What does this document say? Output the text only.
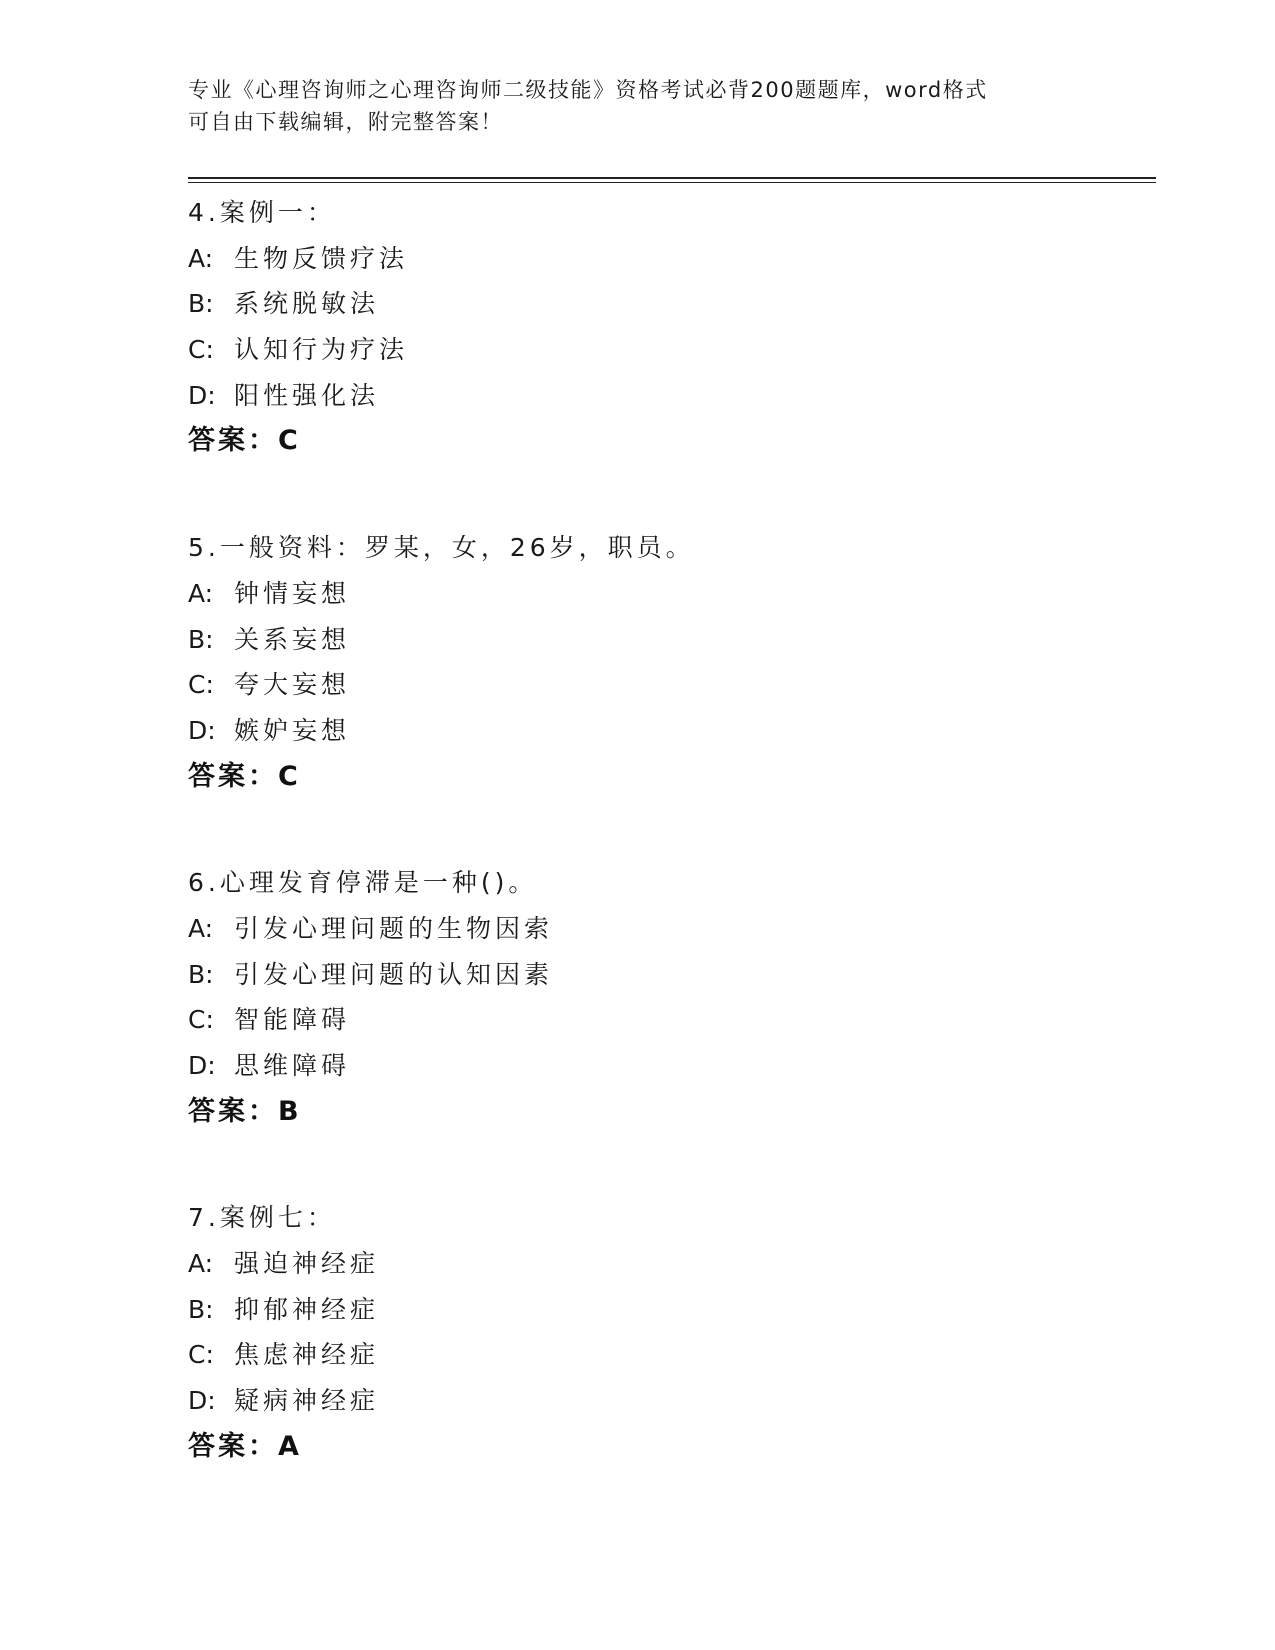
专业《心理咨询师之心理咨询师二级技能》资格考试必背200题题库，word格式
可自由下载编辑，附完整答案！
4.案例一：
A: 生物反馈疗法
B: 系统脱敏法
C: 认知行为疗法
D: 阳性强化法
答案：C
5.一般资料：罗某，女，26岁，职员。
A: 钟情妄想
B: 关系妄想
C: 夸大妄想
D: 嫉妒妄想
答案：C
6.心理发育停滞是一种()。
A: 引发心理问题的生物因索
B: 引发心理问题的认知因素
C: 智能障碍
D: 思维障碍
答案：B
7.案例七：
A: 强迫神经症
B: 抑郁神经症
C: 焦虑神经症
D: 疑病神经症
答案：A
